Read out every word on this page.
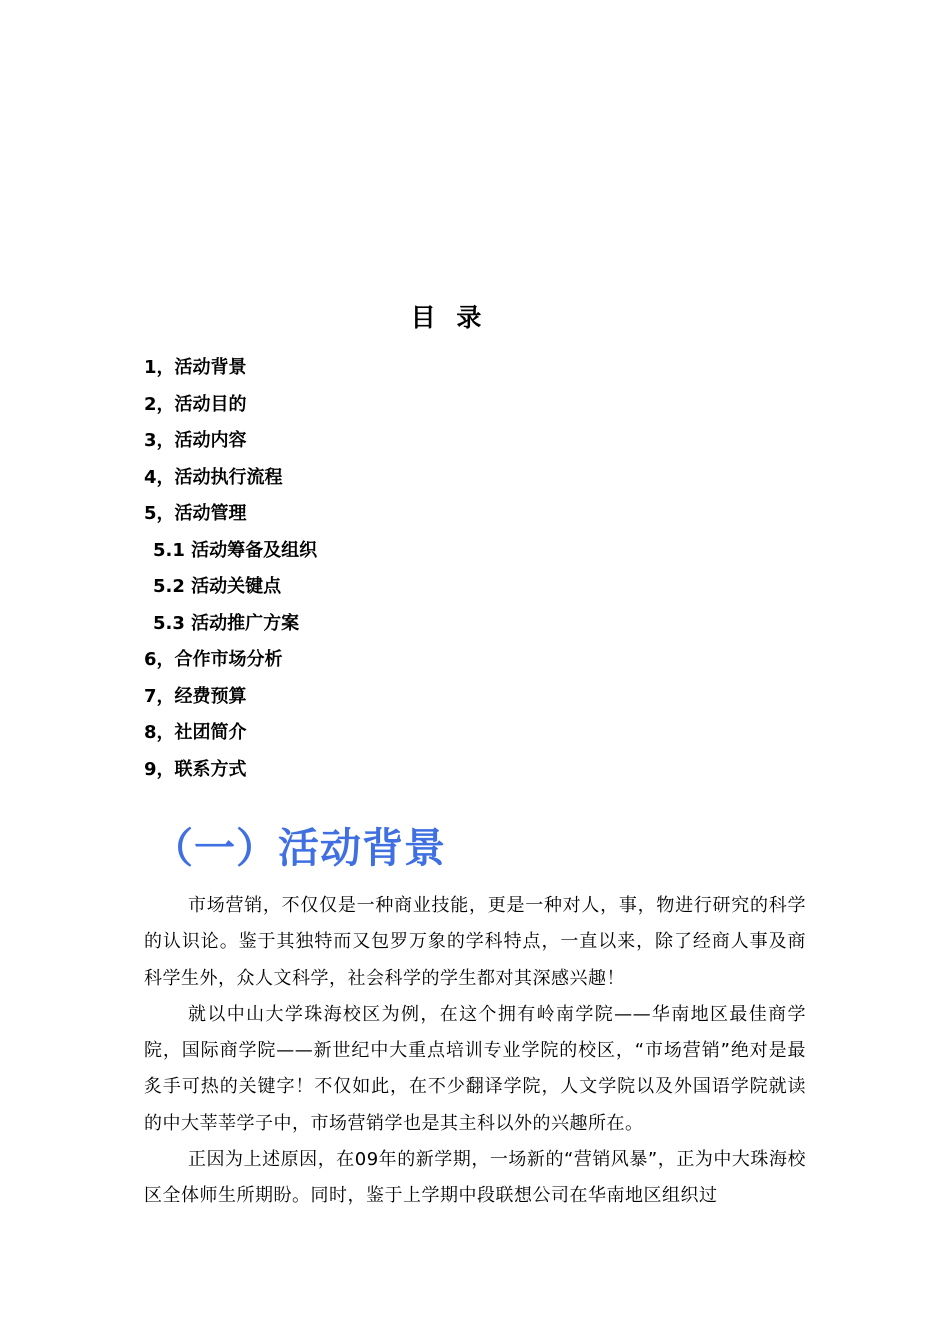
目 录
1，活动背景
2，活动目的
3，活动内容
4，活动执行流程
5，活动管理
5.1 活动筹备及组织
5.2 活动关键点
5.3 活动推广方案
6，合作市场分析
7，经费预算
8，社团简介
9，联系方式
（一）活动背景

市场营销，不仅仅是一种商业技能，更是一种对人，事，物进行研究的科学的认识论。鉴于其独特而又包罗万象的学科特点，一直以来，除了经商人事及商科学生外，众人文科学，社会科学的学生都对其深感兴趣！

就以中山大学珠海校区为例，在这个拥有岭南学院——华南地区最佳商学院，国际商学院——新世纪中大重点培训专业学院的校区，“市场营销”绝对是最炙手可热的关键字！不仅如此，在不少翻译学院，人文学院以及外国语学院就读的中大莘莘学子中，市场营销学也是其主科以外的兴趣所在。

正因为上述原因，在09年的新学期，一场新的“营销风暴”，正为中大珠海校区全体师生所期盼。同时，鉴于上学期中段联想公司在华南地区组织过
